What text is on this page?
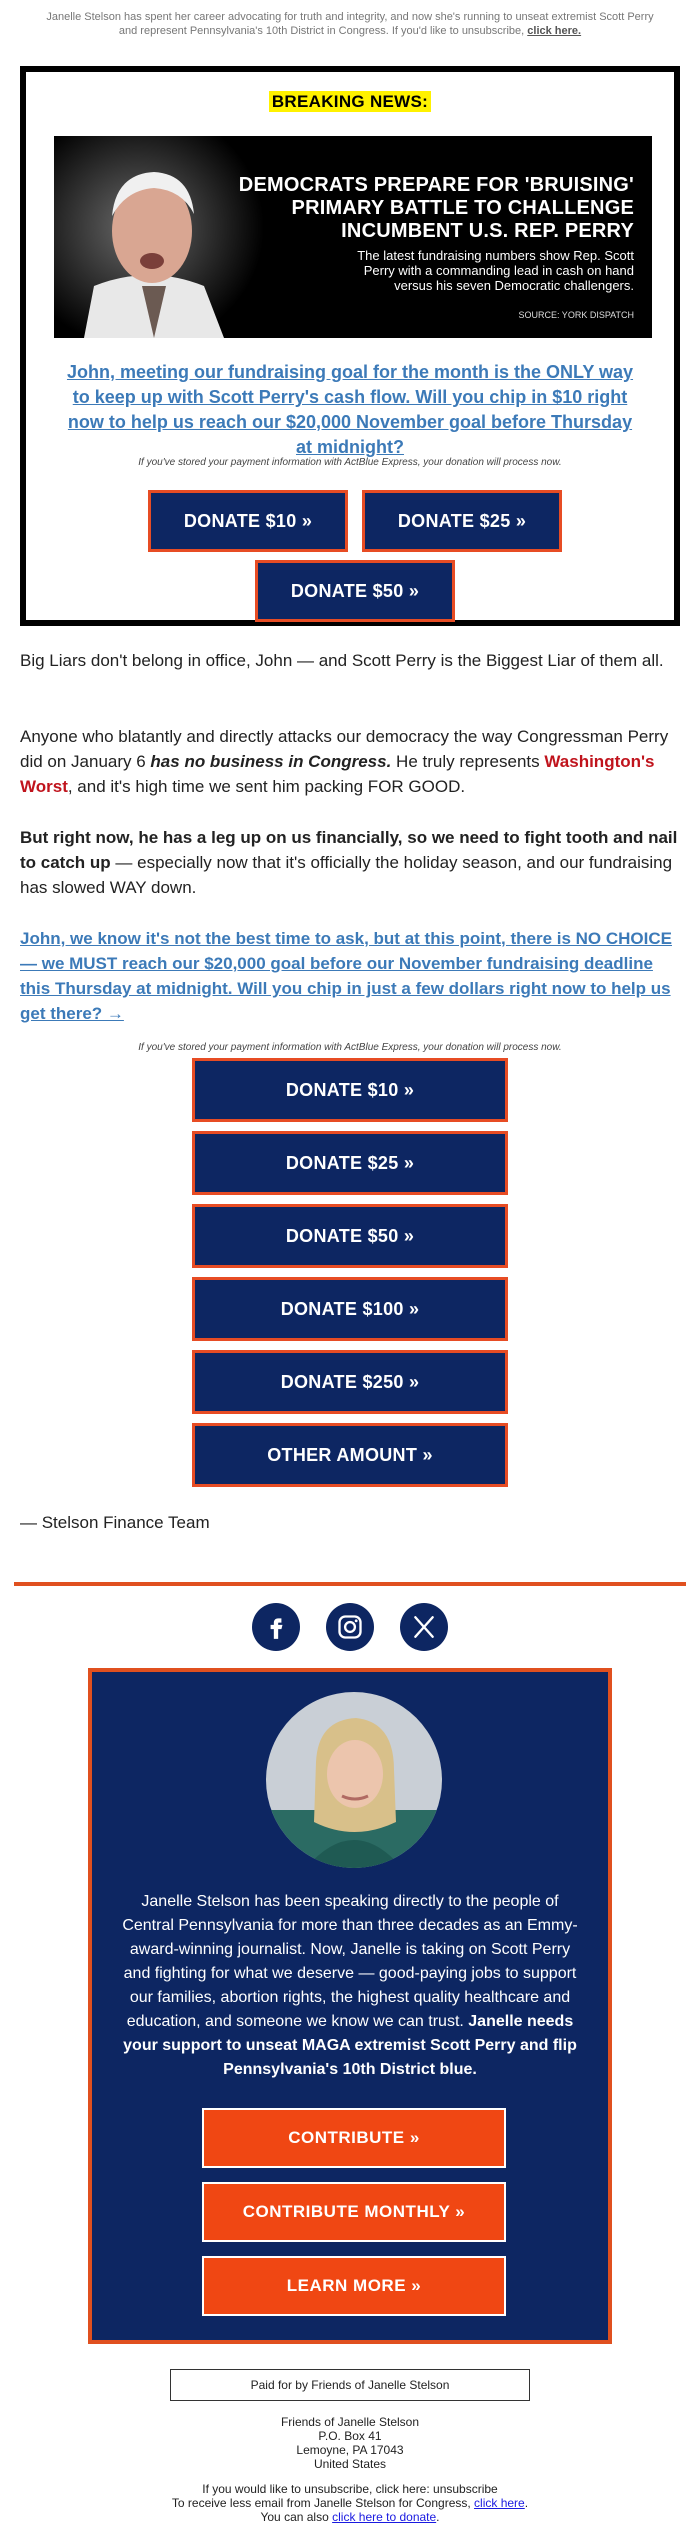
Janelle Stelson has spent her career advocating for truth and integrity, and now she's running to unseat extremist Scott Perry and represent Pennsylvania's 10th District in Congress. If you'd like to unsubscribe, click here.
BREAKING NEWS:
DEMOCRATS PREPARE FOR 'BRUISING' PRIMARY BATTLE TO CHALLENGE INCUMBENT U.S. REP. PERRY
The latest fundraising numbers show Rep. Scott Perry with a commanding lead in cash on hand versus his seven Democratic challengers.
SOURCE: YORK DISPATCH
John, meeting our fundraising goal for the month is the ONLY way to keep up with Scott Perry's cash flow. Will you chip in $10 right now to help us reach our $20,000 November goal before Thursday at midnight?
If you've stored your payment information with ActBlue Express, your donation will process now.
DONATE $10 »	DONATE $25 »
DONATE $50 »
Big Liars don't belong in office, John — and Scott Perry is the Biggest Liar of them all.
Anyone who blatantly and directly attacks our democracy the way Congressman Perry did on January 6 has no business in Congress. He truly represents Washington's Worst, and it's high time we sent him packing FOR GOOD.
But right now, he has a leg up on us financially, so we need to fight tooth and nail to catch up — especially now that it's officially the holiday season, and our fundraising has slowed WAY down.
John, we know it's not the best time to ask, but at this point, there is NO CHOICE — we MUST reach our $20,000 goal before our November fundraising deadline this Thursday at midnight. Will you chip in just a few dollars right now to help us get there? →
If you've stored your payment information with ActBlue Express, your donation will process now.
DONATE $10 »
DONATE $25 »
DONATE $50 »
DONATE $100 »
DONATE $250 »
OTHER AMOUNT »
— Stelson Finance Team
Janelle Stelson has been speaking directly to the people of Central Pennsylvania for more than three decades as an Emmy-award-winning journalist. Now, Janelle is taking on Scott Perry and fighting for what we deserve — good-paying jobs to support our families, abortion rights, the highest quality healthcare and education, and someone we know we can trust. Janelle needs your support to unseat MAGA extremist Scott Perry and flip Pennsylvania's 10th District blue.
CONTRIBUTE »
CONTRIBUTE MONTHLY »
LEARN MORE »
Paid for by Friends of Janelle Stelson
Friends of Janelle Stelson
P.O. Box 41
Lemoyne, PA 17043
United States
If you would like to unsubscribe, click here: unsubscribe
To receive less email from Janelle Stelson for Congress, click here.
You can also click here to donate.
